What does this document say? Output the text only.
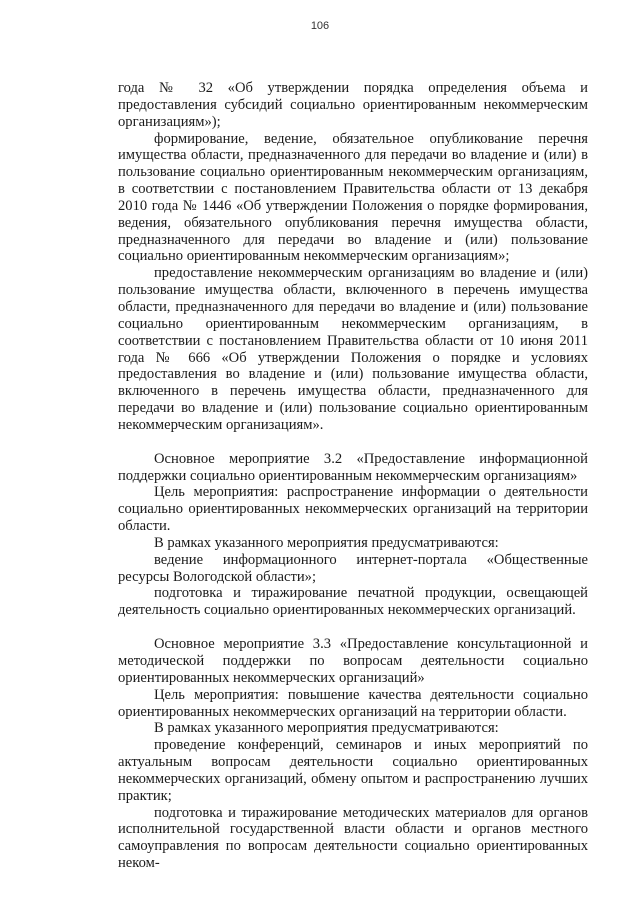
106

года № 32 «Об утверждении порядка определения объема и предоставления субсидий социально ориентированным некоммерческим организациям»);

формирование, ведение, обязательное опубликование перечня имущества области, предназначенного для передачи во владение и (или) в пользование социально ориентированным некоммерческим организациям, в соответствии с постановлением Правительства области от 13 декабря 2010 года № 1446 «Об утверждении Положения о порядке формирования, ведения, обязательного опубликования перечня имущества области, предназначенного для передачи во владение и (или) пользование социально ориентированным некоммерческим организациям»;

предоставление некоммерческим организациям во владение и (или) пользование имущества области, включенного в перечень имущества области, предназначенного для передачи во владение и (или) пользование социально ориентированным некоммерческим организациям, в соответствии с постановлением Правительства области от 10 июня 2011 года № 666 «Об утверждении Положения о порядке и условиях предоставления во владение и (или) пользование имущества области, включенного в перечень имущества области, предназначенного для передачи во владение и (или) пользование социально ориентированным некоммерческим организациям».

Основное мероприятие 3.2 «Предоставление информационной поддержки социально ориентированным некоммерческим организациям»

Цель мероприятия: распространение информации о деятельности социально ориентированных некоммерческих организаций на территории области.

В рамках указанного мероприятия предусматриваются:

ведение информационного интернет-портала «Общественные ресурсы Вологодской области»;

подготовка и тиражирование печатной продукции, освещающей деятельность социально ориентированных некоммерческих организаций.

Основное мероприятие 3.3 «Предоставление консультационной и методической поддержки по вопросам деятельности социально ориентированных некоммерческих организаций»

Цель мероприятия: повышение качества деятельности социально ориентированных некоммерческих организаций на территории области.

В рамках указанного мероприятия предусматриваются:

проведение конференций, семинаров и иных мероприятий по актуальным вопросам деятельности социально ориентированных некоммерческих организаций, обмену опытом и распространению лучших практик;

подготовка и тиражирование методических материалов для органов исполнительной государственной власти области и органов местного самоуправления по вопросам деятельности социально ориентированных неком-
